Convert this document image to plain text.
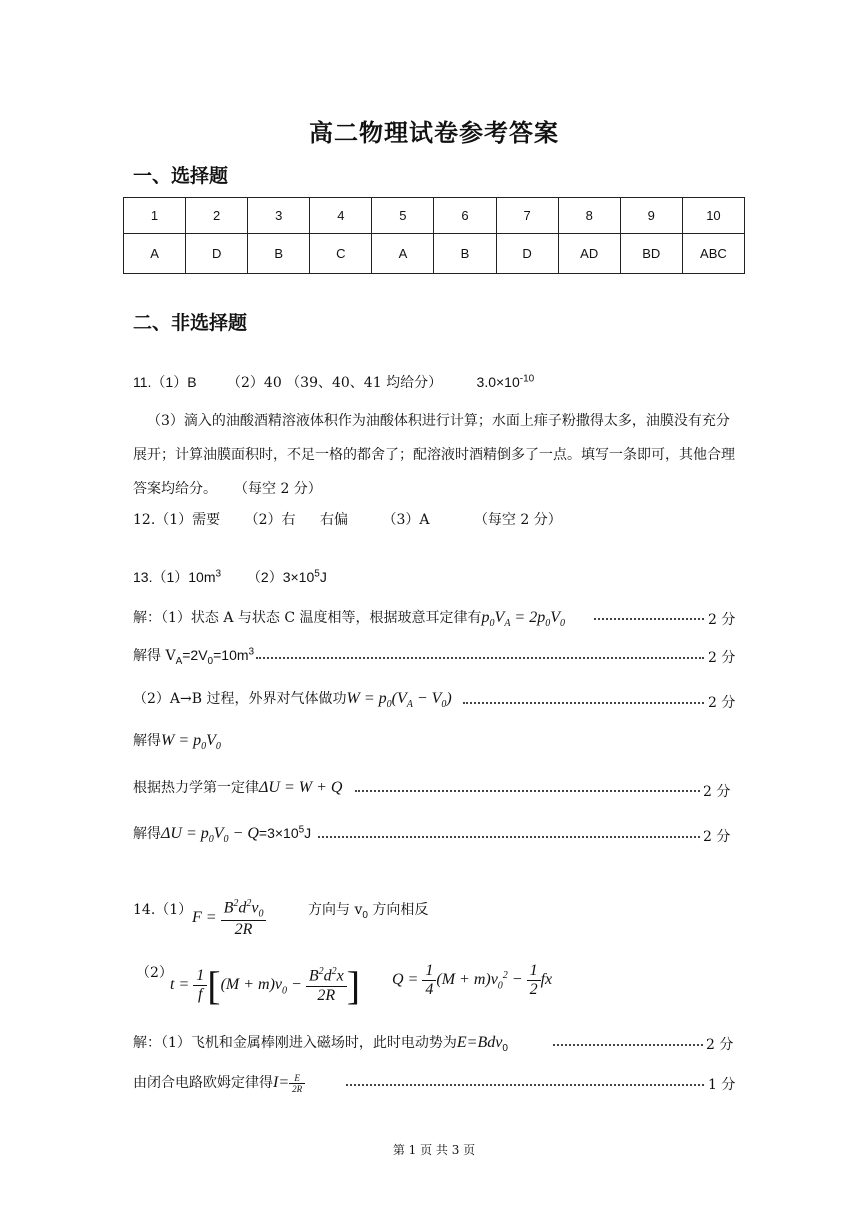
高二物理试卷参考答案
一、选择题
1	2	3	4	5	6	7	8	9	10
A	D	B	C	A	B	D	AD	BD	ABC
二、非选择题
11.（1）B （2）40 （39、40、41 均给分） $3.0\times 10^{-10}$
（3）滴入的油酸酒精溶液体积作为油酸体积进行计算；水面上痱子粉撒得太多，油膜没有充分展开；计算油膜面积时，不足一格的都舍了；配溶液时酒精倒多了一点。填写一条即可，其他合理答案均给分。 （每空 2 分）
12.（1）需要 （2）右 右偏 （3）A	（每空 2 分）
$13.(1)10m^3$ $(2)3\times 10^5J$
解：（1）状态 A 与状态 C 温度相等，根据玻意耳定律有$p_0V_A = 2p_0V_0$	2 分
解得 $V_A=2V_0=10m^3$	2 分
（2）A→B 过程，外界对气体做功$W = p_0(V_A - V_0)$	2 分
解得$W = p_0V_0$
根据热力学第一定律ΔU = W + Q	2 分
解得$\Delta U = p_0V_0 - Q=3\times 10^5J$	2 分
14.（1） $F = \frac{B^2d^2v_0}{2R}$	方向与 $v_0$ 方向相反
（2）
$t = \frac{1}{f} [(M + m)v_0 - \frac{B^2d^2x}{2R}$ ] $Q = \frac{1}{4} (M + m)v_0^2 - \frac{1}{2}$ fx
解：（1）飞机和金属棒刚进入磁场时，此时电动势为E=Bdv$_0$	2 分
由闭合电路欧姆定律得$I= \frac{E}{2R}$	1 分
第 1 页 共 3 页
